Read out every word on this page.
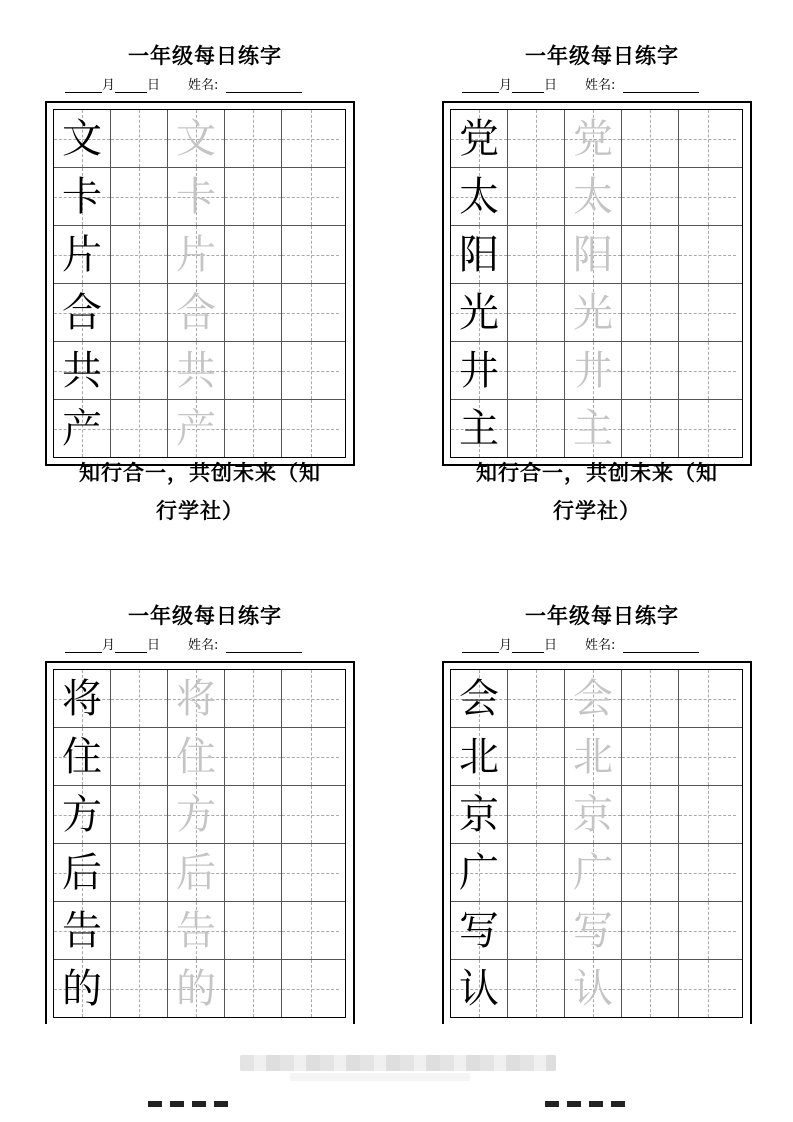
一年级每日练字
月 日 姓名:
文 文
卡 卡
片 片
合 合
共 共
产 产
知行合一，共创未来（知
行学社）
一年级每日练字
月 日 姓名:
党 党
太 太
阳 阳
光 光
井 井
主 主
知行合一，共创未来（知
行学社）
一年级每日练字
月 日 姓名:
将 将
住 住
方 方
后 后
告 告
的 的
一年级每日练字
月 日 姓名:
会 会
北 北
京 京
广 广
写 写
认 认
